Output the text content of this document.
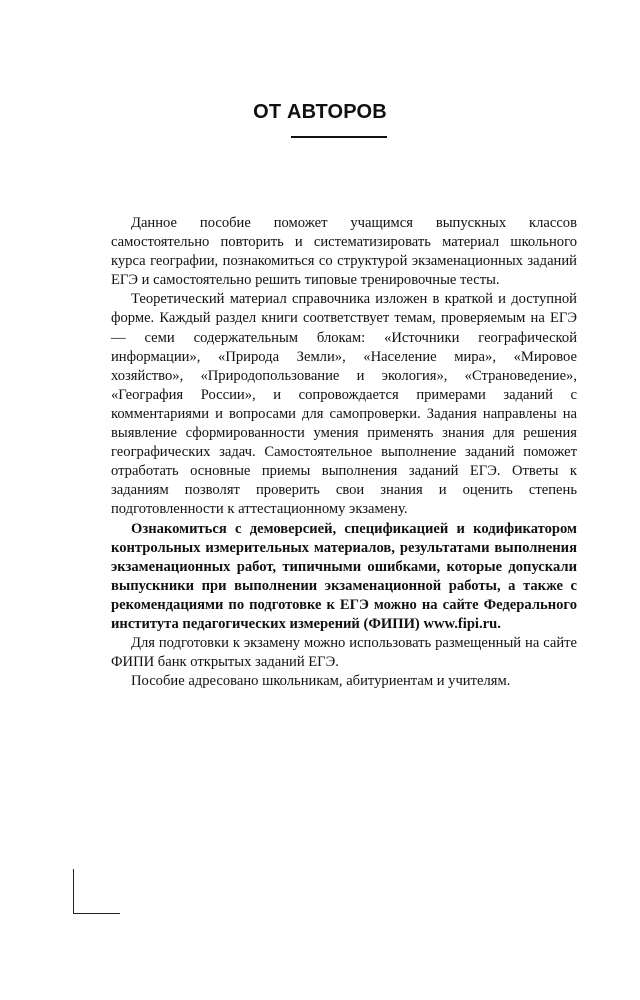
ОТ АВТОРОВ

Данное пособие поможет учащимся выпускных классов самостоятельно повторить и систематизировать материал школьного курса географии, познакомиться со структурой экзаменационных заданий ЕГЭ и самостоятельно решить типовые тренировочные тесты.

Теоретический материал справочника изложен в краткой и доступной форме. Каждый раздел книги соответствует темам, проверяемым на ЕГЭ — семи содержательным блокам: «Источники географической информации», «Природа Земли», «Население мира», «Мировое хозяйство», «Природопользование и экология», «Страноведение», «География России», и сопровождается примерами заданий с комментариями и вопросами для самопроверки. Задания направлены на выявление сформированности умения применять знания для решения географических задач. Самостоятельное выполнение заданий поможет отработать основные приемы выполнения заданий ЕГЭ. Ответы к заданиям позволят проверить свои знания и оценить степень подготовленности к аттестационному экзамену.

Ознакомиться с демоверсией, спецификацией и кодификатором контрольных измерительных материалов, результатами выполнения экзаменационных работ, типичными ошибками, которые допускали выпускники при выполнении экзаменационной работы, а также с рекомендациями по подготовке к ЕГЭ можно на сайте Федерального института педагогических измерений (ФИПИ) www.fipi.ru.

Для подготовки к экзамену можно использовать размещенный на сайте ФИПИ банк открытых заданий ЕГЭ.

Пособие адресовано школьникам, абитуриентам и учителям.
